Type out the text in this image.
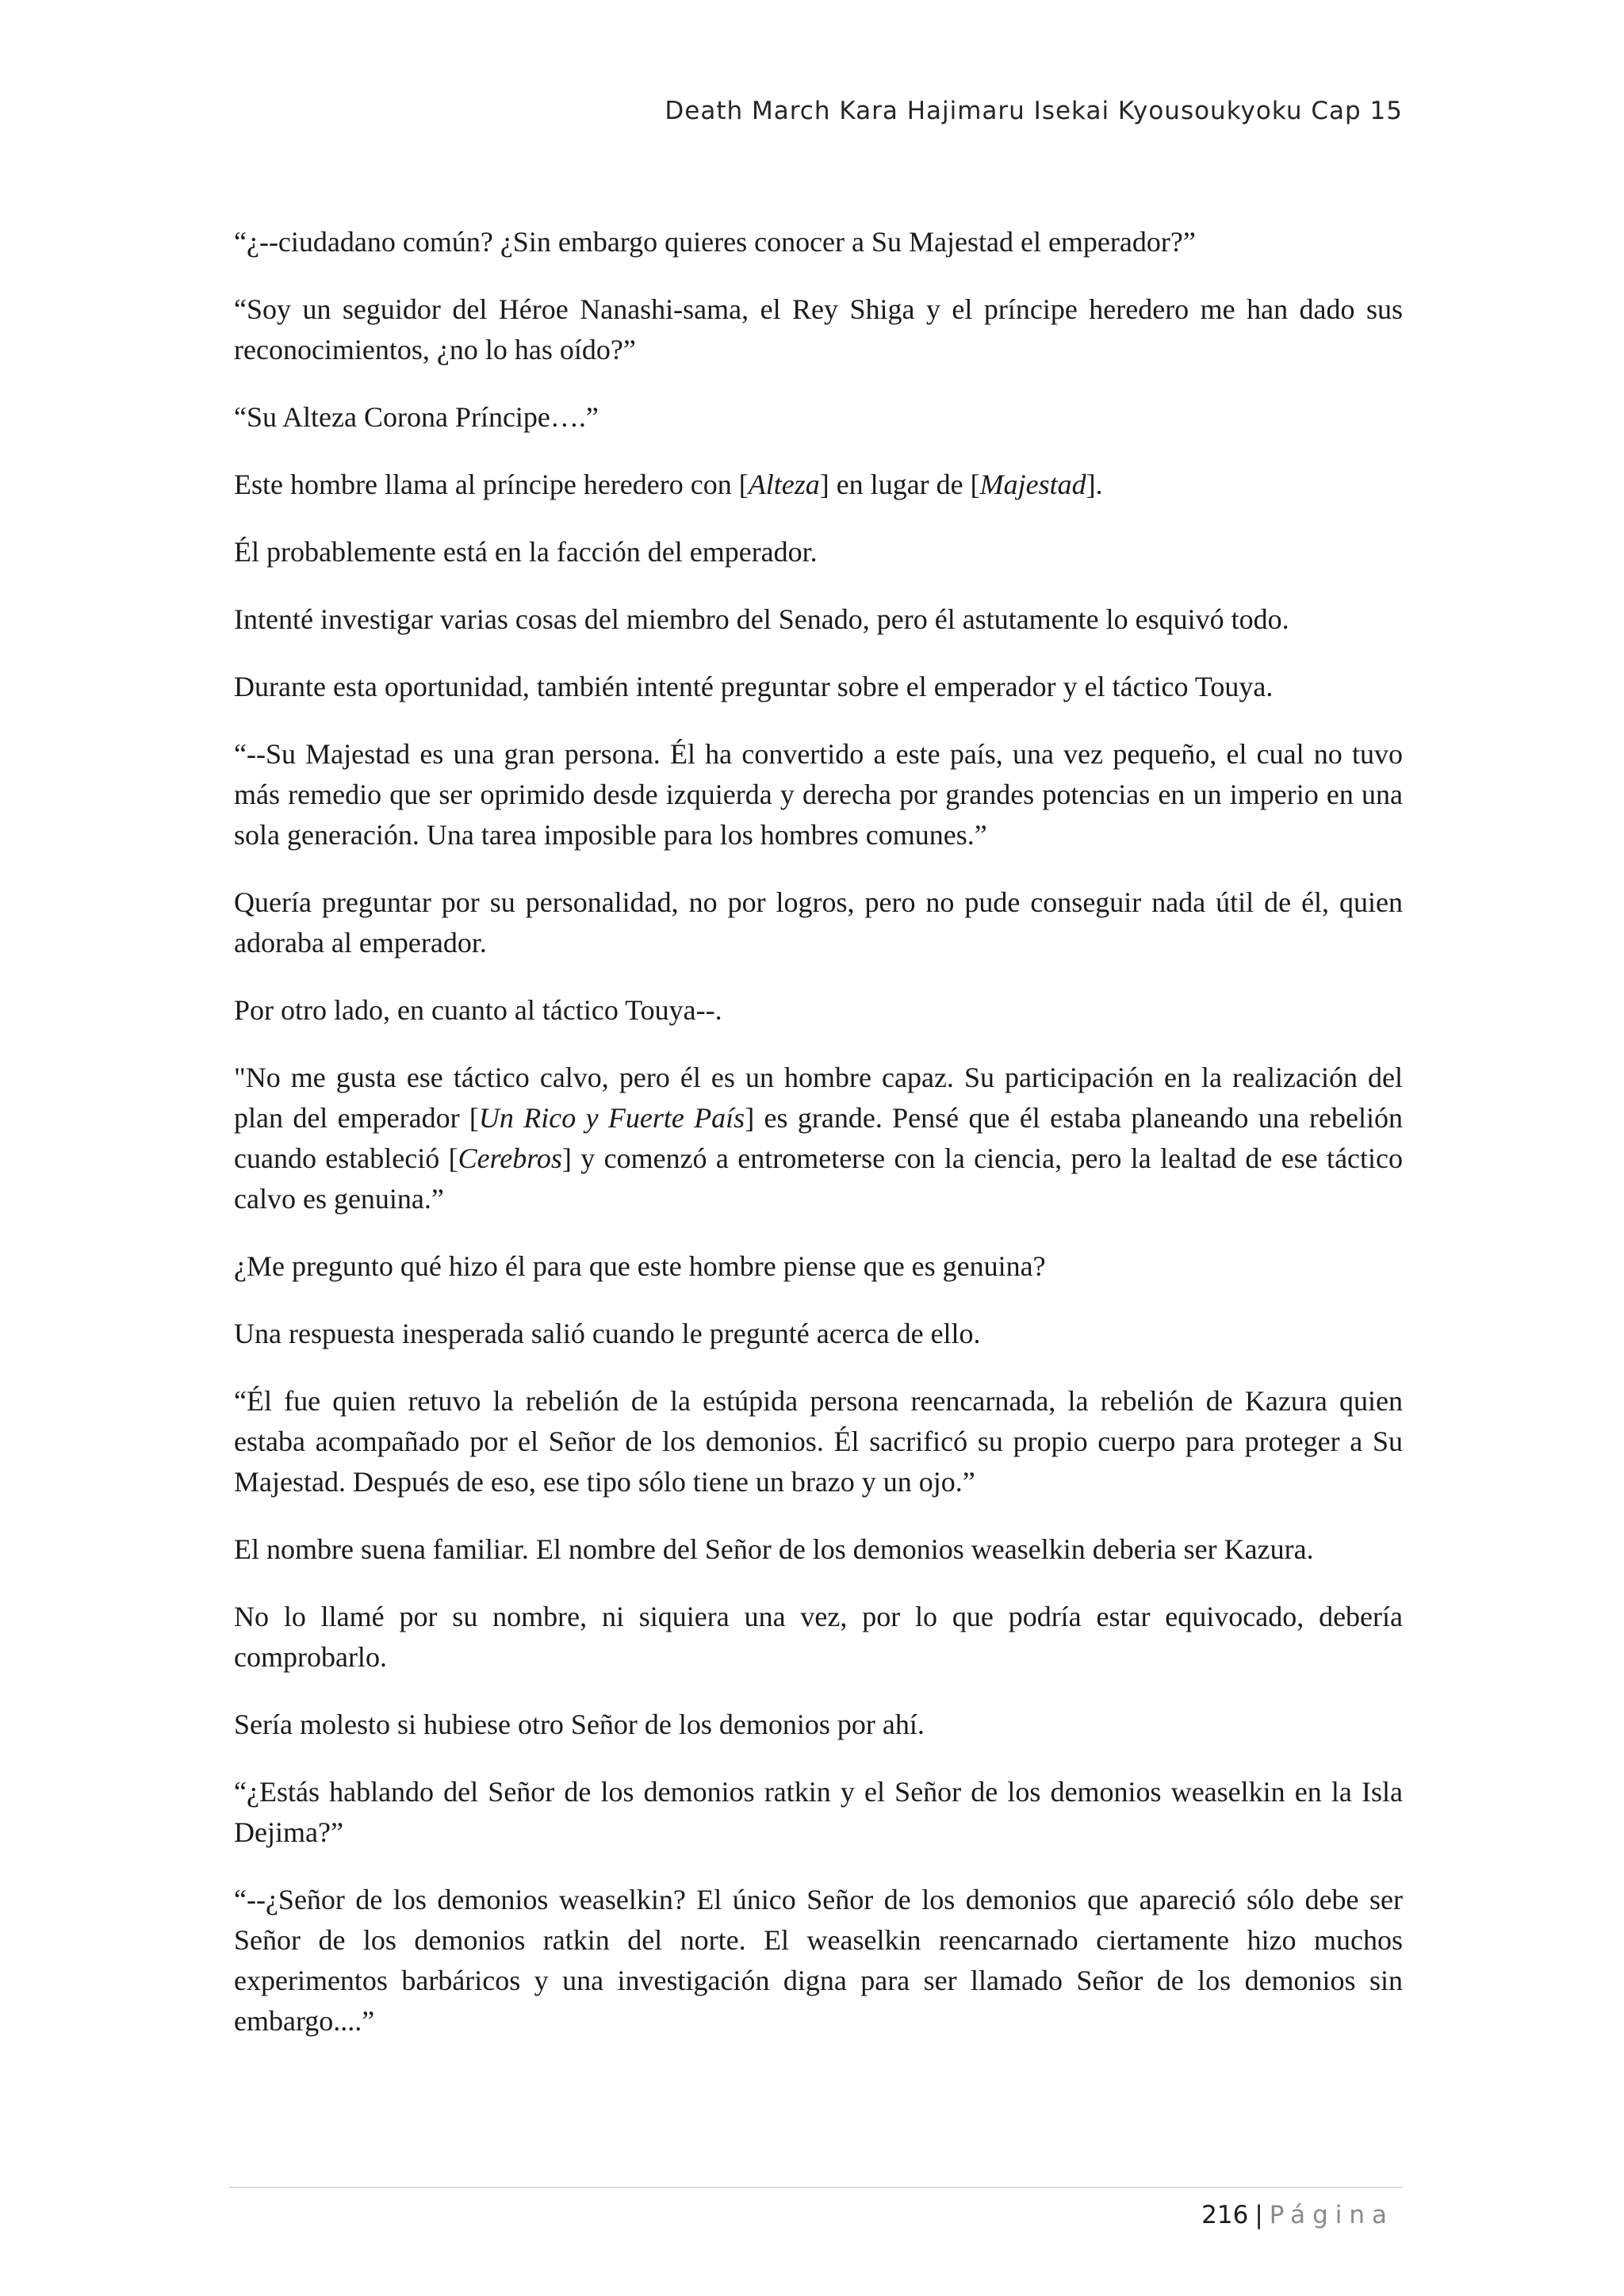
Death March Kara Hajimaru Isekai Kyousoukyoku Cap 15

“¿--ciudadano común? ¿Sin embargo quieres conocer a Su Majestad el emperador?”

“Soy un seguidor del Héroe Nanashi-sama, el Rey Shiga y el príncipe heredero me han dado sus reconocimientos, ¿no lo has oído?”

“Su Alteza Corona Príncipe….”

Este hombre llama al príncipe heredero con [Alteza] en lugar de [Majestad].

Él probablemente está en la facción del emperador.

Intenté investigar varias cosas del miembro del Senado, pero él astutamente lo esquivó todo.

Durante esta oportunidad, también intenté preguntar sobre el emperador y el táctico Touya.

“--Su Majestad es una gran persona. Él ha convertido a este país, una vez pequeño, el cual no tuvo más remedio que ser oprimido desde izquierda y derecha por grandes potencias en un imperio en una sola generación. Una tarea imposible para los hombres comunes.”

Quería preguntar por su personalidad, no por logros, pero no pude conseguir nada útil de él, quien adoraba al emperador.

Por otro lado, en cuanto al táctico Touya--.

"No me gusta ese táctico calvo, pero él es un hombre capaz. Su participación en la realización del plan del emperador [Un Rico y Fuerte País] es grande. Pensé que él estaba planeando una rebelión cuando estableció [Cerebros] y comenzó a entrometerse con la ciencia, pero la lealtad de ese táctico calvo es genuina.”

¿Me pregunto qué hizo él para que este hombre piense que es genuina?

Una respuesta inesperada salió cuando le pregunté acerca de ello.

“Él fue quien retuvo la rebelión de la estúpida persona reencarnada, la rebelión de Kazura quien estaba acompañado por el Señor de los demonios. Él sacrificó su propio cuerpo para proteger a Su Majestad. Después de eso, ese tipo sólo tiene un brazo y un ojo.”

El nombre suena familiar. El nombre del Señor de los demonios weaselkin deberia ser Kazura.

No lo llamé por su nombre, ni siquiera una vez, por lo que podría estar equivocado, debería comprobarlo.

Sería molesto si hubiese otro Señor de los demonios por ahí.

“¿Estás hablando del Señor de los demonios ratkin y el Señor de los demonios weaselkin en la Isla Dejima?”

“--¿Señor de los demonios weaselkin? El único Señor de los demonios que apareció sólo debe ser Señor de los demonios ratkin del norte. El weaselkin reencarnado ciertamente hizo muchos experimentos barbáricos y una investigación digna para ser llamado Señor de los demonios sin embargo....”

216 | Página
